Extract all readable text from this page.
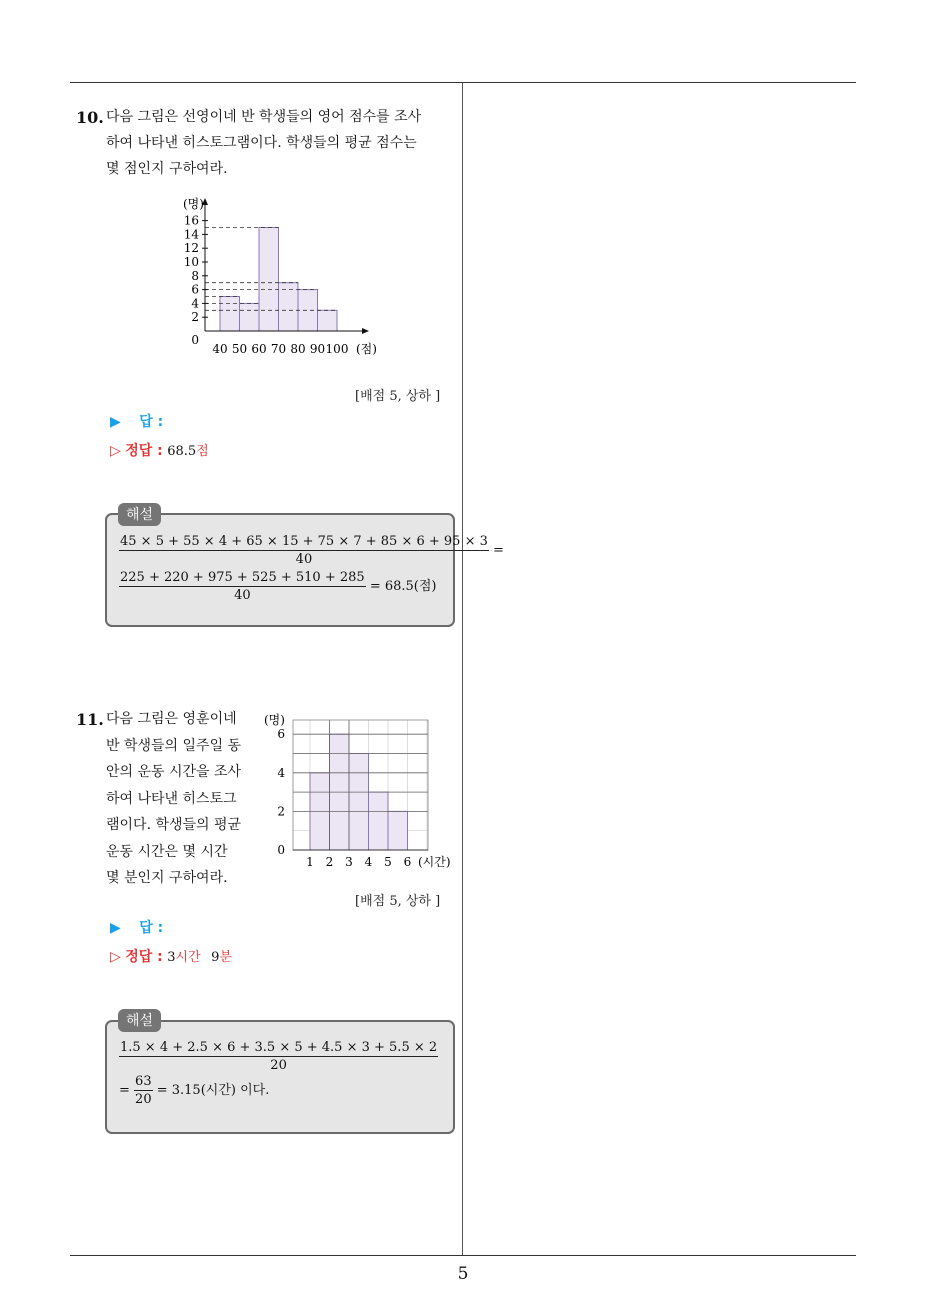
5
10. 다음 그림은 선영이네 반 학생들의 영어 점수를 조사
하여 나타낸 히스토그램이다. 학생들의 평균 점수는
몇 점인지 구하여라.
0
2
4
6
8
10
12
14
16
40 50 60 70 80 90 100
(명)
(점)
[배점 5, 상하 ]
▶ 답 :
▷ 정답 : 68.5점
해설
$\frac{45 \times 5 + 55 \times 4 + 65 \times 15 + 75 \times 7 + 85 \times 6 + 95 \times 3}{40}$ =
$\frac{225 + 220 + 975 + 525 + 510 + 285}{40} = 68.5$(점)
11. 다음 그림은 영훈이네
반 학생들의 일주일 동
안의 운동 시간을 조사
하여 나타낸 히스토그
램이다. 학생들의 평균
운동 시간은 몇 시간
몇 분인지 구하여라.
0
2
4
6
1 2 3 4 5 6
(명)
(시간)
[배점 5, 상하 ]
▶ 답 :
▷ 정답 : 3시간 9분
해설
$\frac{1.5 \times 4 + 2.5 \times 6 + 3.5 \times 5 + 4.5 \times 3 + 5.5 \times 2}{20}$
= $\frac{63}{20} = 3.15$(시간) 이다.
